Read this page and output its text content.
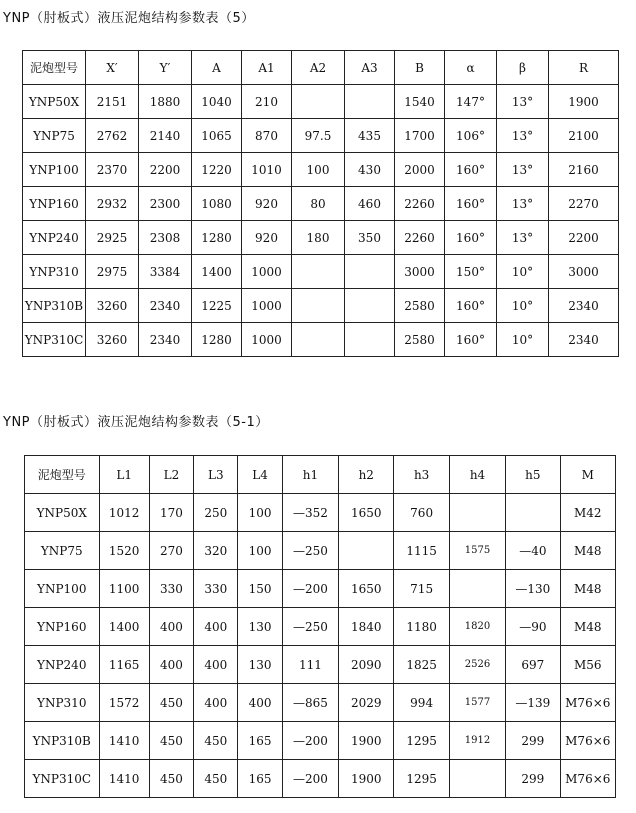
YNP（肘板式）液压泥炮结构参数表（5）
泥炮型号	X′	Y′	A	A1	A2	A3	B	α	β	R
YNP50X	2151	1880	1040	210			1540	147°	13°	1900
YNP75	2762	2140	1065	870	97.5	435	1700	106°	13°	2100
YNP100	2370	2200	1220	1010	100	430	2000	160°	13°	2160
YNP160	2932	2300	1080	920	80	460	2260	160°	13°	2270
YNP240	2925	2308	1280	920	180	350	2260	160°	13°	2200
YNP310	2975	3384	1400	1000			3000	150°	10°	3000
YNP310B	3260	2340	1225	1000			2580	160°	10°	2340
YNP310C	3260	2340	1280	1000			2580	160°	10°	2340
YNP（肘板式）液压泥炮结构参数表（5-1）
泥炮型号	L1	L2	L3	L4	h1	h2	h3	h4	h5	M
YNP50X	1012	170	250	100	—352	1650	760			M42
YNP75	1520	270	320	100	—250		1115	1575	—40	M48
YNP100	1100	330	330	150	—200	1650	715		—130	M48
YNP160	1400	400	400	130	—250	1840	1180	1820	—90	M48
YNP240	1165	400	400	130	111	2090	1825	2526	697	M56
YNP310	1572	450	400	400	—865	2029	994	1577	—139	M76×6
YNP310B	1410	450	450	165	—200	1900	1295	1912	299	M76×6
YNP310C	1410	450	450	165	—200	1900	1295		299	M76×6
